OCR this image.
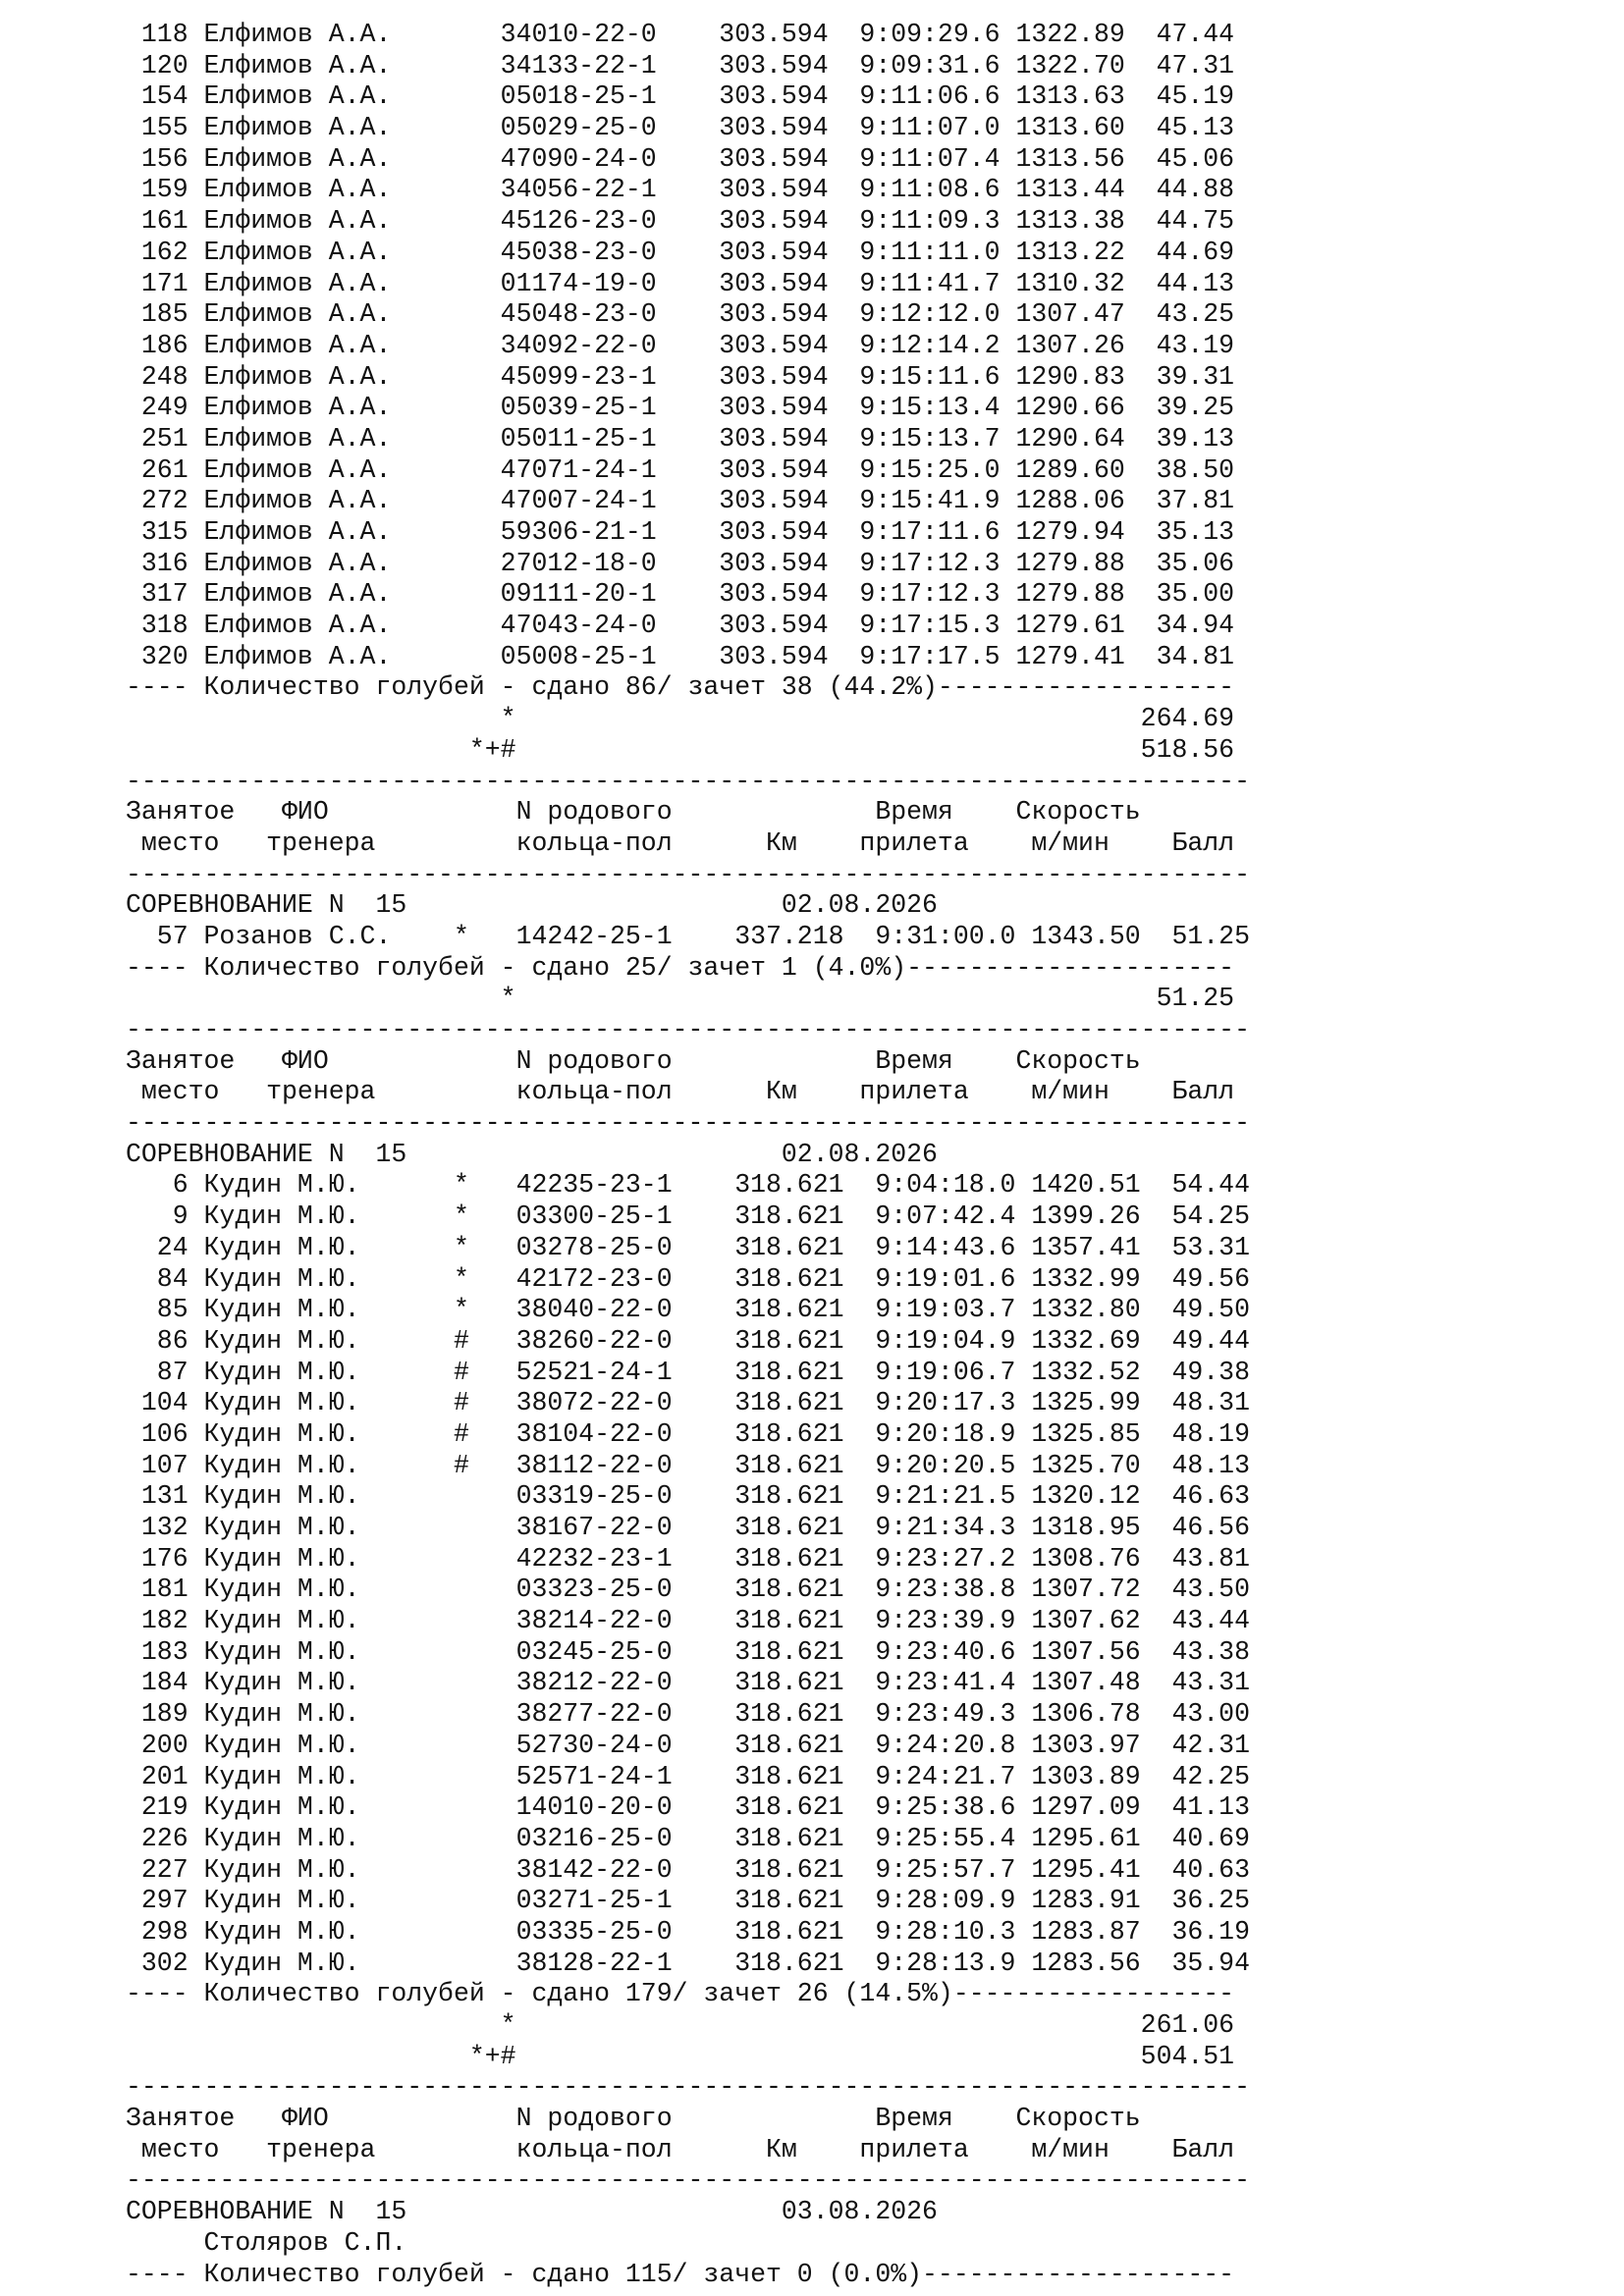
118 Елфимов А.А.       34010-22-0    303.594  9:09:29.6 1322.89  47.44
120 Елфимов А.А.       34133-22-1    303.594  9:09:31.6 1322.70  47.31
154 Елфимов А.А.       05018-25-1    303.594  9:11:06.6 1313.63  45.19
155 Елфимов А.А.       05029-25-0    303.594  9:11:07.0 1313.60  45.13
156 Елфимов А.А.       47090-24-0    303.594  9:11:07.4 1313.56  45.06
159 Елфимов А.А.       34056-22-1    303.594  9:11:08.6 1313.44  44.88
161 Елфимов А.А.       45126-23-0    303.594  9:11:09.3 1313.38  44.75
162 Елфимов А.А.       45038-23-0    303.594  9:11:11.0 1313.22  44.69
171 Елфимов А.А.       01174-19-0    303.594  9:11:41.7 1310.32  44.13
185 Елфимов А.А.       45048-23-0    303.594  9:12:12.0 1307.47  43.25
186 Елфимов А.А.       34092-22-0    303.594  9:12:14.2 1307.26  43.19
248 Елфимов А.А.       45099-23-1    303.594  9:15:11.6 1290.83  39.31
249 Елфимов А.А.       05039-25-1    303.594  9:15:13.4 1290.66  39.25
251 Елфимов А.А.       05011-25-1    303.594  9:15:13.7 1290.64  39.13
261 Елфимов А.А.       47071-24-1    303.594  9:15:25.0 1289.60  38.50
272 Елфимов А.А.       47007-24-1    303.594  9:15:41.9 1288.06  37.81
315 Елфимов А.А.       59306-21-1    303.594  9:17:11.6 1279.94  35.13
316 Елфимов А.А.       27012-18-0    303.594  9:17:12.3 1279.88  35.06
317 Елфимов А.А.       09111-20-1    303.594  9:17:12.3 1279.88  35.00
318 Елфимов А.А.       47043-24-0    303.594  9:17:15.3 1279.61  34.94
320 Елфимов А.А.       05008-25-1    303.594  9:17:17.5 1279.41  34.81
---- Количество голубей - сдано 86/ зачет 38 (44.2%)-------------------
*                                        264.69
*+#                                        518.56
------------------------------------------------------------------------
Занятое   ФИО            N родового             Время    Скорость
место   тренера         кольца-пол      Км    прилета    м/мин    Балл
------------------------------------------------------------------------
СОРЕВНОВАНИЕ N  15                        02.08.2026
57 Розанов С.С.    *   14242-25-1    337.218  9:31:00.0 1343.50  51.25
---- Количество голубей - сдано 25/ зачет 1 (4.0%)---------------------
*                                         51.25
------------------------------------------------------------------------
Занятое   ФИО            N родового             Время    Скорость
место   тренера         кольца-пол      Км    прилета    м/мин    Балл
------------------------------------------------------------------------
СОРЕВНОВАНИЕ N  15                        02.08.2026
6 Кудин М.Ю.      *   42235-23-1    318.621  9:04:18.0 1420.51  54.44
9 Кудин М.Ю.      *   03300-25-1    318.621  9:07:42.4 1399.26  54.25
24 Кудин М.Ю.      *   03278-25-0    318.621  9:14:43.6 1357.41  53.31
84 Кудин М.Ю.      *   42172-23-0    318.621  9:19:01.6 1332.99  49.56
85 Кудин М.Ю.      *   38040-22-0    318.621  9:19:03.7 1332.80  49.50
86 Кудин М.Ю.      #   38260-22-0    318.621  9:19:04.9 1332.69  49.44
87 Кудин М.Ю.      #   52521-24-1    318.621  9:19:06.7 1332.52  49.38
104 Кудин М.Ю.      #   38072-22-0    318.621  9:20:17.3 1325.99  48.31
106 Кудин М.Ю.      #   38104-22-0    318.621  9:20:18.9 1325.85  48.19
107 Кудин М.Ю.      #   38112-22-0    318.621  9:20:20.5 1325.70  48.13
131 Кудин М.Ю.          03319-25-0    318.621  9:21:21.5 1320.12  46.63
132 Кудин М.Ю.          38167-22-0    318.621  9:21:34.3 1318.95  46.56
176 Кудин М.Ю.          42232-23-1    318.621  9:23:27.2 1308.76  43.81
181 Кудин М.Ю.          03323-25-0    318.621  9:23:38.8 1307.72  43.50
182 Кудин М.Ю.          38214-22-0    318.621  9:23:39.9 1307.62  43.44
183 Кудин М.Ю.          03245-25-0    318.621  9:23:40.6 1307.56  43.38
184 Кудин М.Ю.          38212-22-0    318.621  9:23:41.4 1307.48  43.31
189 Кудин М.Ю.          38277-22-0    318.621  9:23:49.3 1306.78  43.00
200 Кудин М.Ю.          52730-24-0    318.621  9:24:20.8 1303.97  42.31
201 Кудин М.Ю.          52571-24-1    318.621  9:24:21.7 1303.89  42.25
219 Кудин М.Ю.          14010-20-0    318.621  9:25:38.6 1297.09  41.13
226 Кудин М.Ю.          03216-25-0    318.621  9:25:55.4 1295.61  40.69
227 Кудин М.Ю.          38142-22-0    318.621  9:25:57.7 1295.41  40.63
297 Кудин М.Ю.          03271-25-1    318.621  9:28:09.9 1283.91  36.25
298 Кудин М.Ю.          03335-25-0    318.621  9:28:10.3 1283.87  36.19
302 Кудин М.Ю.          38128-22-1    318.621  9:28:13.9 1283.56  35.94
---- Количество голубей - сдано 179/ зачет 26 (14.5%)------------------
*                                        261.06
*+#                                        504.51
------------------------------------------------------------------------
Занятое   ФИО            N родового             Время    Скорость
место   тренера         кольца-пол      Км    прилета    м/мин    Балл
------------------------------------------------------------------------
СОРЕВНОВАНИЕ N  15                        03.08.2026
Столяров С.П.
---- Количество голубей - сдано 115/ зачет 0 (0.0%)--------------------
